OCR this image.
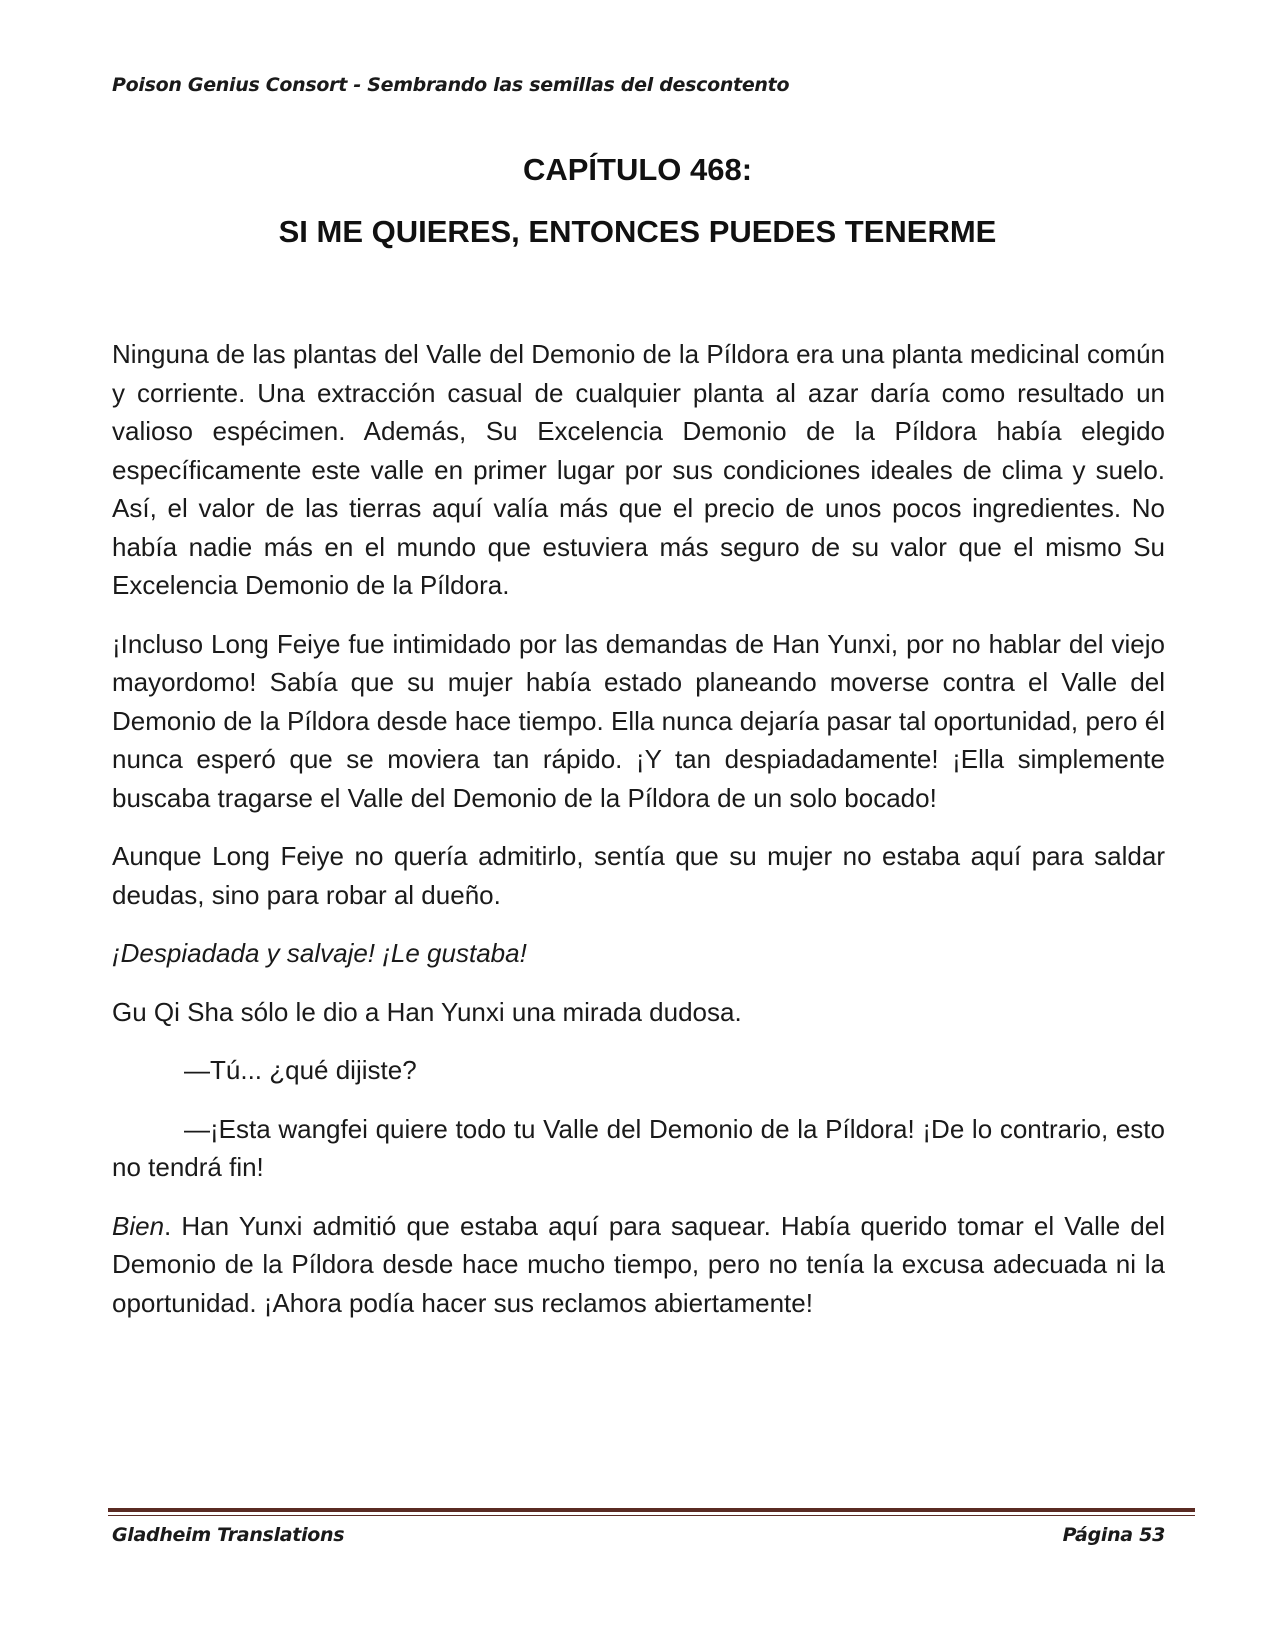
Poison Genius Consort - Sembrando las semillas del descontento
CAPÍTULO 468:
SI ME QUIERES, ENTONCES PUEDES TENERME

Ninguna de las plantas del Valle del Demonio de la Píldora era una planta medicinal común y corriente. Una extracción casual de cualquier planta al azar daría como resultado un valioso espécimen. Además, Su Excelencia Demonio de la Píldora había elegido específicamente este valle en primer lugar por sus condiciones ideales de clima y suelo. Así, el valor de las tierras aquí valía más que el precio de unos pocos ingredientes. No había nadie más en el mundo que estuviera más seguro de su valor que el mismo Su Excelencia Demonio de la Píldora.

¡Incluso Long Feiye fue intimidado por las demandas de Han Yunxi, por no hablar del viejo mayordomo! Sabía que su mujer había estado planeando moverse contra el Valle del Demonio de la Píldora desde hace tiempo. Ella nunca dejaría pasar tal oportunidad, pero él nunca esperó que se moviera tan rápido. ¡Y tan despiadadamente! ¡Ella simplemente buscaba tragarse el Valle del Demonio de la Píldora de un solo bocado!

Aunque Long Feiye no quería admitirlo, sentía que su mujer no estaba aquí para saldar deudas, sino para robar al dueño.

¡Despiadada y salvaje! ¡Le gustaba!

Gu Qi Sha sólo le dio a Han Yunxi una mirada dudosa.

—Tú... ¿qué dijiste?

—¡Esta wangfei quiere todo tu Valle del Demonio de la Píldora! ¡De lo contrario, esto no tendrá fin!

Bien. Han Yunxi admitió que estaba aquí para saquear. Había querido tomar el Valle del Demonio de la Píldora desde hace mucho tiempo, pero no tenía la excusa adecuada ni la oportunidad. ¡Ahora podía hacer sus reclamos abiertamente!

Gladheim Translations	Página 53
